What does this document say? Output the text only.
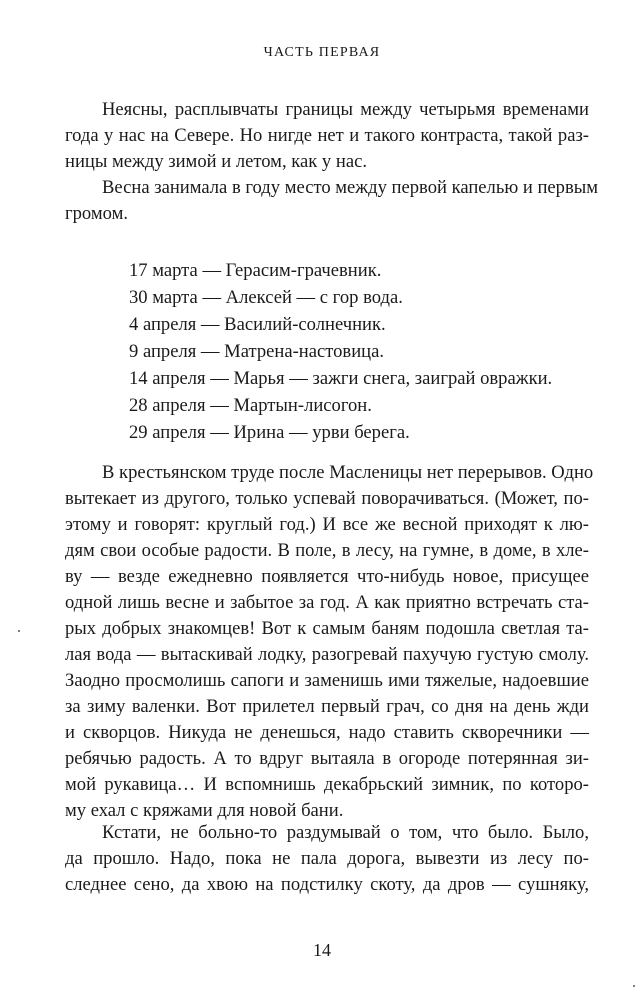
ЧАСТЬ ПЕРВАЯ
Неясны, расплывчаты границы между четырьмя временами
года у нас на Севере. Но нигде нет и такого контраста, такой раз-
ницы между зимой и летом, как у нас.
Весна занимала в году место между первой капелью и первым
громом.
17 марта — Герасим-грачевник.
30 марта — Алексей — с гор вода.
4 апреля — Василий-солнечник.
9 апреля — Матрена-настовица.
14 апреля — Марья — зажги снега, заиграй овражки.
28 апреля — Мартын-лисогон.
29 апреля — Ирина — урви берега.
В крестьянском труде после Масленицы нет перерывов. Одно
вытекает из другого, только успевай поворачиваться. (Может, по-
этому и говорят: круглый год.) И все же весной приходят к лю-
дям свои особые радости. В поле, в лесу, на гумне, в доме, в хле-
ву — везде ежедневно появляется что-нибудь новое, присущее
одной лишь весне и забытое за год. А как приятно встречать ста-
рых добрых знакомцев! Вот к самым баням подошла светлая та-
лая вода — вытаскивай лодку, разогревай пахучую густую смолу.
Заодно просмолишь сапоги и заменишь ими тяжелые, надоевшие
за зиму валенки. Вот прилетел первый грач, со дня на день жди
и скворцов. Никуда не денешься, надо ставить скворечники —
ребячью радость. А то вдруг вытаяла в огороде потерянная зи-
мой рукавица… И вспомнишь декабрьский зимник, по которо-
му ехал с кряжами для новой бани.
Кстати, не больно-то раздумывай о том, что было. Было,
да прошло. Надо, пока не пала дорога, вывезти из лесу по-
следнее сено, да хвою на подстилку скоту, да дров — сушняку,
14
